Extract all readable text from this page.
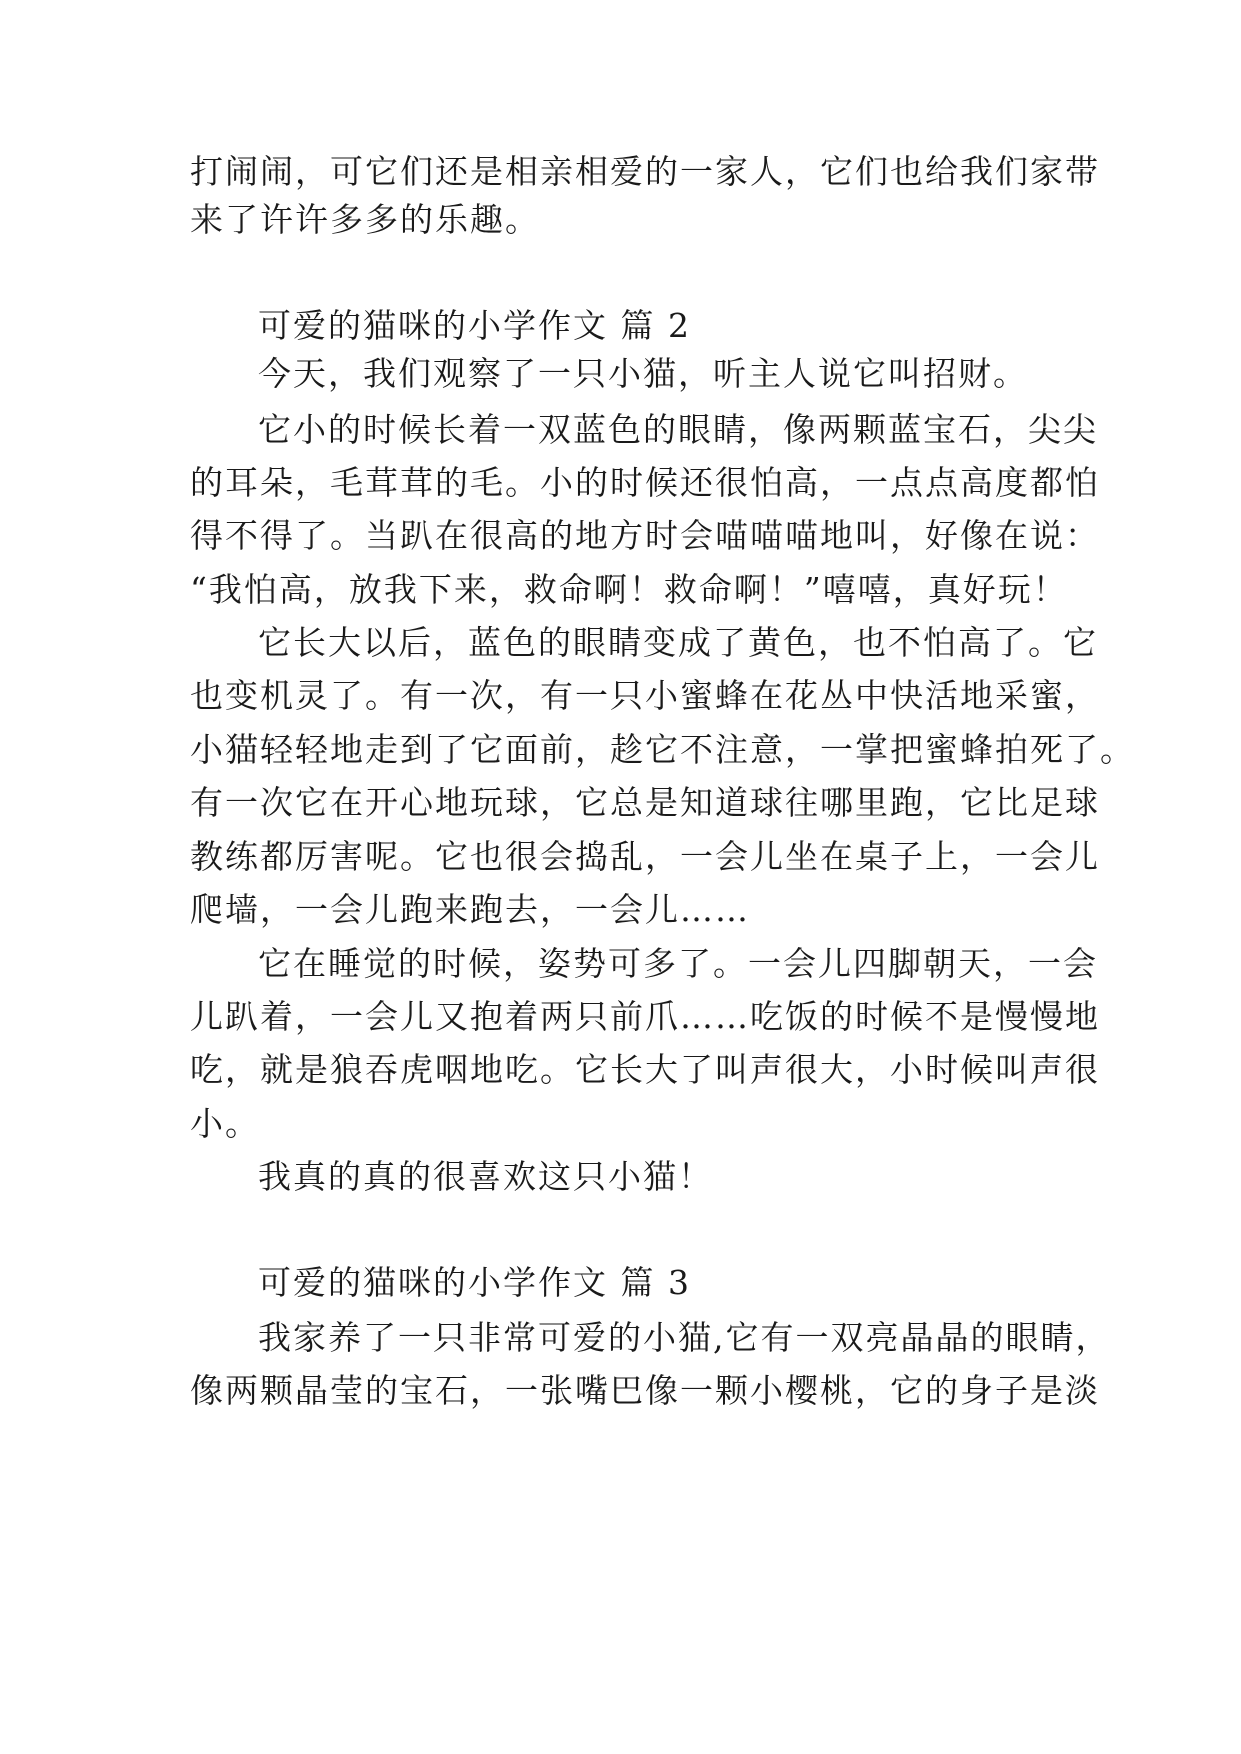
打闹闹，可它们还是相亲相爱的一家人，它们也给我们家带
来了许许多多的乐趣。
可爱的猫咪的小学作文 篇 2
今天，我们观察了一只小猫，听主人说它叫招财。
它小的时候长着一双蓝色的眼睛，像两颗蓝宝石，尖尖
的耳朵，毛茸茸的毛。小的时候还很怕高，一点点高度都怕
得不得了。当趴在很高的地方时会喵喵喵地叫，好像在说：
“我怕高，放我下来，救命啊！救命啊！”嘻嘻，真好玩！
它长大以后，蓝色的眼睛变成了黄色，也不怕高了。它
也变机灵了。有一次，有一只小蜜蜂在花丛中快活地采蜜，
小猫轻轻地走到了它面前，趁它不注意，一掌把蜜蜂拍死了。
有一次它在开心地玩球，它总是知道球往哪里跑，它比足球
教练都厉害呢。它也很会捣乱，一会儿坐在桌子上，一会儿
爬墙，一会儿跑来跑去，一会儿……
它在睡觉的时候，姿势可多了。一会儿四脚朝天，一会
儿趴着，一会儿又抱着两只前爪……吃饭的时候不是慢慢地
吃，就是狼吞虎咽地吃。它长大了叫声很大，小时候叫声很
小。
我真的真的很喜欢这只小猫！
可爱的猫咪的小学作文 篇 3
我家养了一只非常可爱的小猫,它有一双亮晶晶的眼睛，
像两颗晶莹的宝石，一张嘴巴像一颗小樱桃，它的身子是淡
